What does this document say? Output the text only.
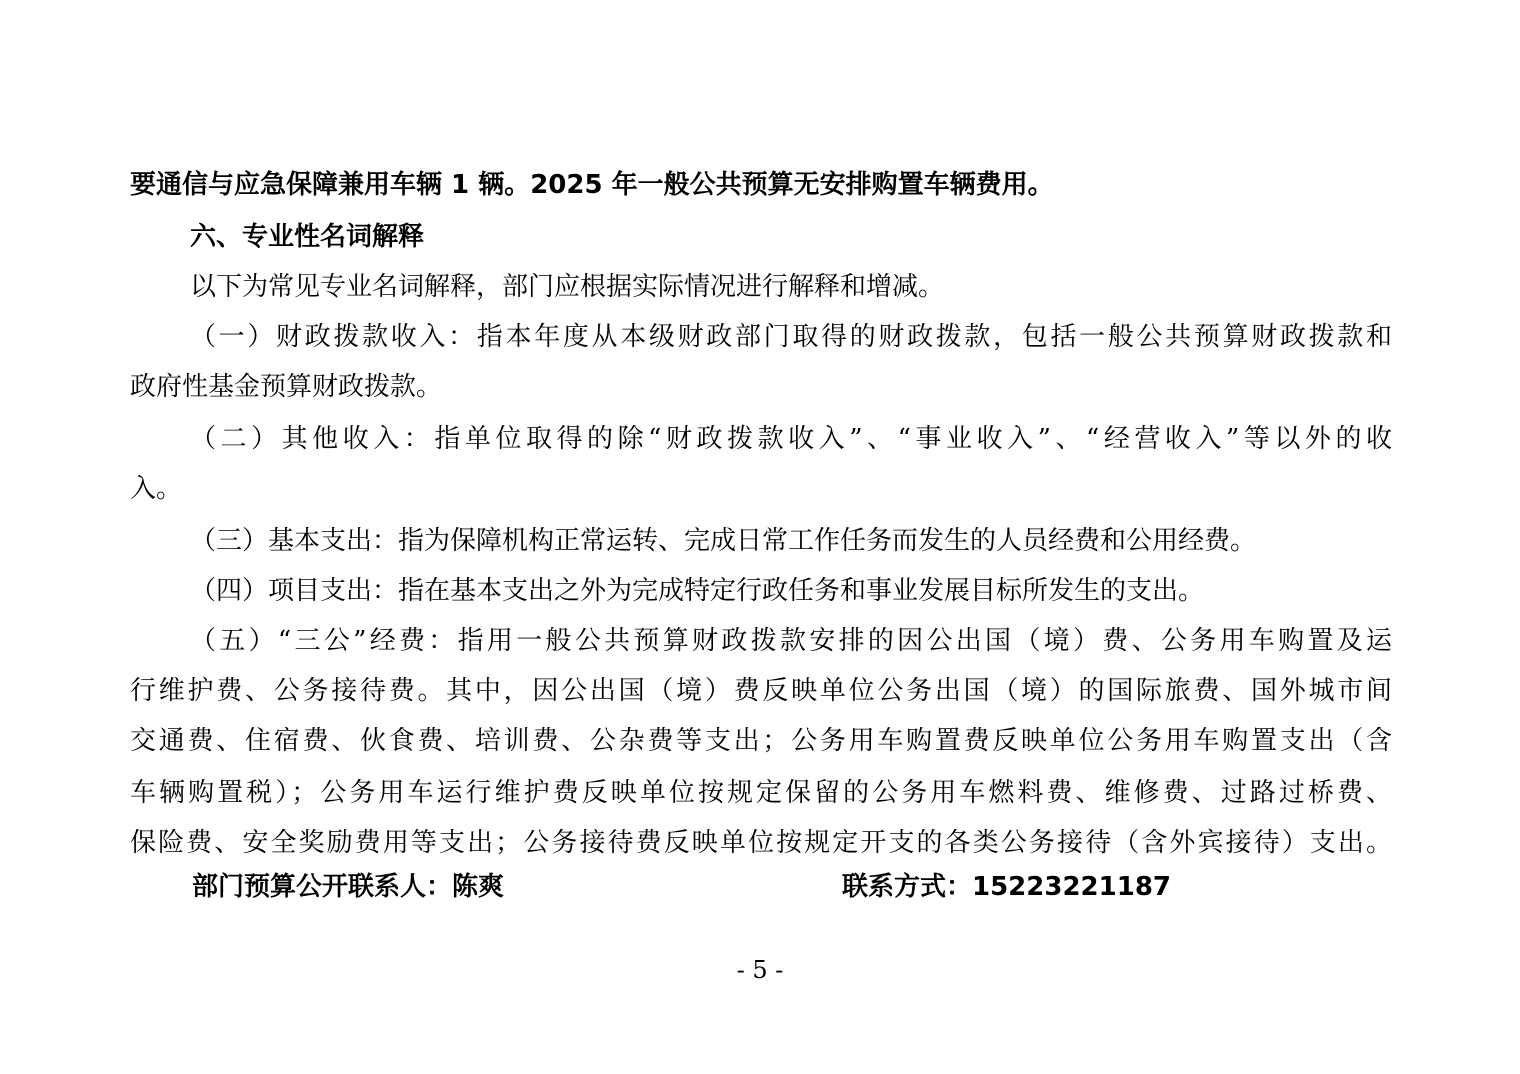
要通信与应急保障兼用车辆 1 辆。2025 年一般公共预算无安排购置车辆费用。
六、专业性名词解释
以下为常见专业名词解释，部门应根据实际情况进行解释和增减。
（一）财政拨款收入：指本年度从本级财政部门取得的财政拨款，包括一般公共预算财政拨款和
政府性基金预算财政拨款。
（二）其他收入：指单位取得的除“财政拨款收入”、“事业收入”、“经营收入”等以外的收
入。
（三）基本支出：指为保障机构正常运转、完成日常工作任务而发生的人员经费和公用经费。
（四）项目支出：指在基本支出之外为完成特定行政任务和事业发展目标所发生的支出。
（五）“三公”经费：指用一般公共预算财政拨款安排的因公出国（境）费、公务用车购置及运
行维护费、公务接待费。其中，因公出国（境）费反映单位公务出国（境）的国际旅费、国外城市间
交通费、住宿费、伙食费、培训费、公杂费等支出；公务用车购置费反映单位公务用车购置支出（含
车辆购置税）；公务用车运行维护费反映单位按规定保留的公务用车燃料费、维修费、过路过桥费、
保险费、安全奖励费用等支出；公务接待费反映单位按规定开支的各类公务接待（含外宾接待）支出。
部门预算公开联系人：陈爽	联系方式：15223221187
- 5 -
